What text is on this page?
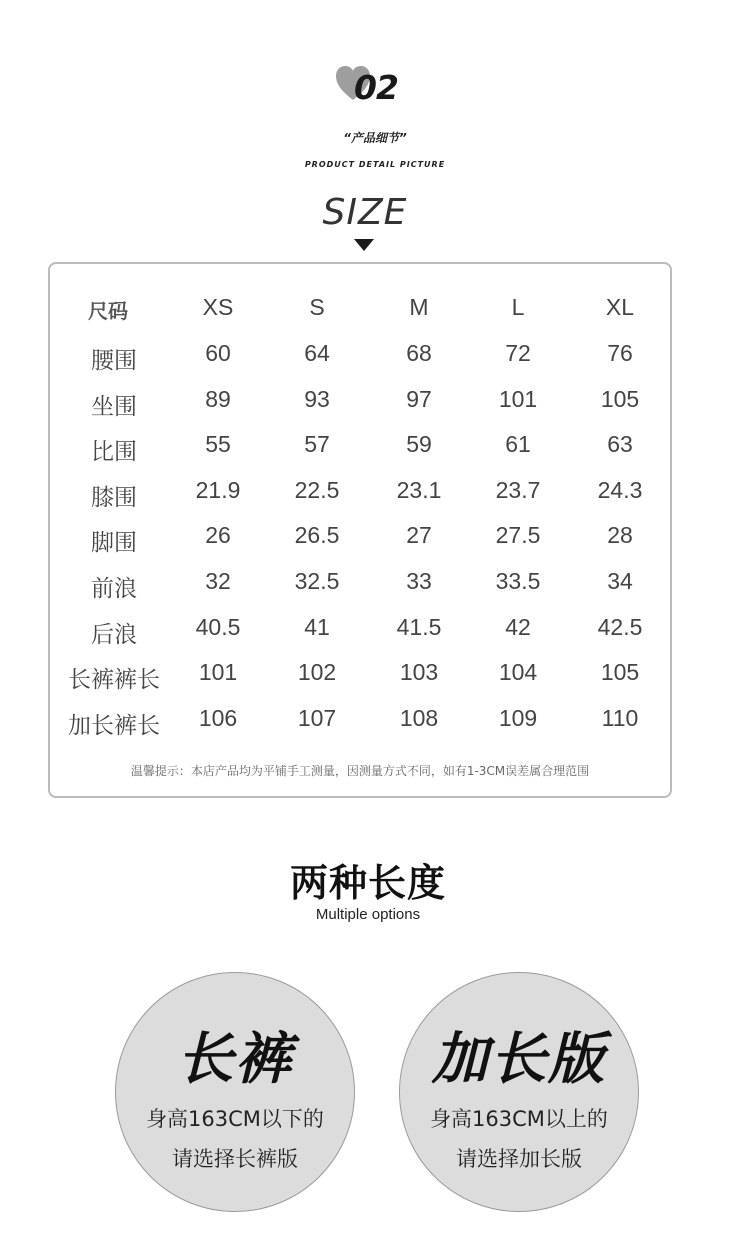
02
“产品细节”
PRODUCT DETAIL PICTURE
SIZE
尺码	XS	S	M	L	XL
腰围	60	64	68	72	76
坐围	89	93	97	101	105
比围	55	57	59	61	63
膝围	21.9	22.5	23.1	23.7	24.3
脚围	26	26.5	27	27.5	28
前浪	32	32.5	33	33.5	34
后浪	40.5	41	41.5	42	42.5
长裤裤长	101	102	103	104	105
加长裤长	106	107	108	109	110
温馨提示：本店产品均为平铺手工测量，因测量方式不同，如有1-3CM误差属合理范围
两种长度
Multiple options
长裤
身高163CM以下的
请选择长裤版
加长版
身高163CM以上的
请选择加长版
